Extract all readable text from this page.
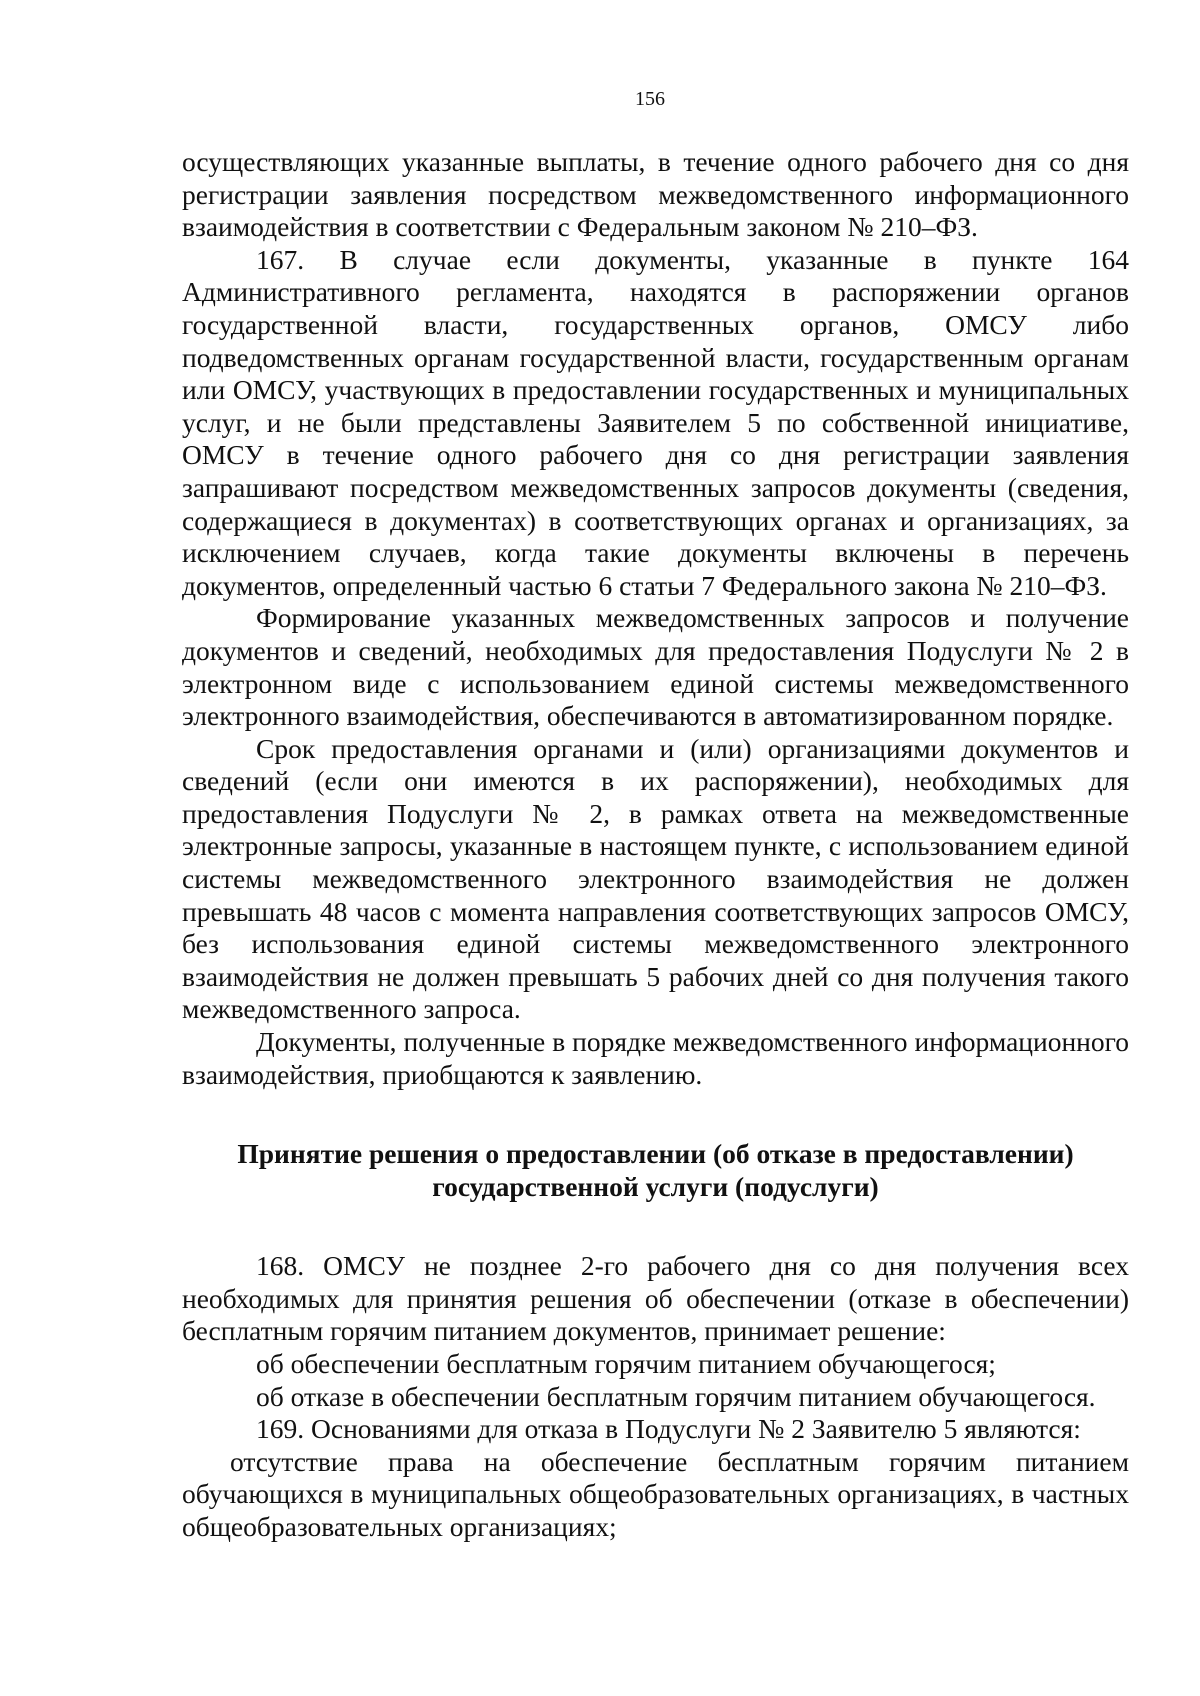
156

осуществляющих указанные выплаты, в течение одного рабочего дня со дня регистрации заявления посредством межведомственного информационного взаимодействия в соответствии с Федеральным законом № 210–ФЗ.

167. В случае если документы, указанные в пункте 164 Административного регламента, находятся в распоряжении органов государственной власти, государственных органов, ОМСУ либо подведомственных органам государственной власти, государственным органам или ОМСУ, участвующих в предоставлении государственных и муниципальных услуг, и не были представлены Заявителем 5 по собственной инициативе, ОМСУ в течение одного рабочего дня со дня регистрации заявления запрашивают посредством межведомственных запросов документы (сведения, содержащиеся в документах) в соответствующих органах и организациях, за исключением случаев, когда такие документы включены в перечень документов, определенный частью 6 статьи 7 Федерального закона № 210–ФЗ.

Формирование указанных межведомственных запросов и получение документов и сведений, необходимых для предоставления Подуслуги № 2 в электронном виде с использованием единой системы межведомственного электронного взаимодействия, обеспечиваются в автоматизированном порядке.

Срок предоставления органами и (или) организациями документов и сведений (если они имеются в их распоряжении), необходимых для предоставления Подуслуги № 2, в рамках ответа на межведомственные электронные запросы, указанные в настоящем пункте, с использованием единой системы межведомственного электронного взаимодействия не должен превышать 48 часов с момента направления соответствующих запросов ОМСУ, без использования единой системы межведомственного электронного взаимодействия не должен превышать 5 рабочих дней со дня получения такого межведомственного запроса.

Документы, полученные в порядке межведомственного информационного взаимодействия, приобщаются к заявлению.

Принятие решения о предоставлении (об отказе в предоставлении)
государственной услуги (подуслуги)

168. ОМСУ не позднее 2-го рабочего дня со дня получения всех необходимых для принятия решения об обеспечении (отказе в обеспечении) бесплатным горячим питанием документов, принимает решение:

об обеспечении бесплатным горячим питанием обучающегося;

об отказе в обеспечении бесплатным горячим питанием обучающегося.

169. Основаниями для отказа в Подуслуги № 2 Заявителю 5 являются:

отсутствие права на обеспечение бесплатным горячим питанием обучающихся в муниципальных общеобразовательных организациях, в частных общеобразовательных организациях;
